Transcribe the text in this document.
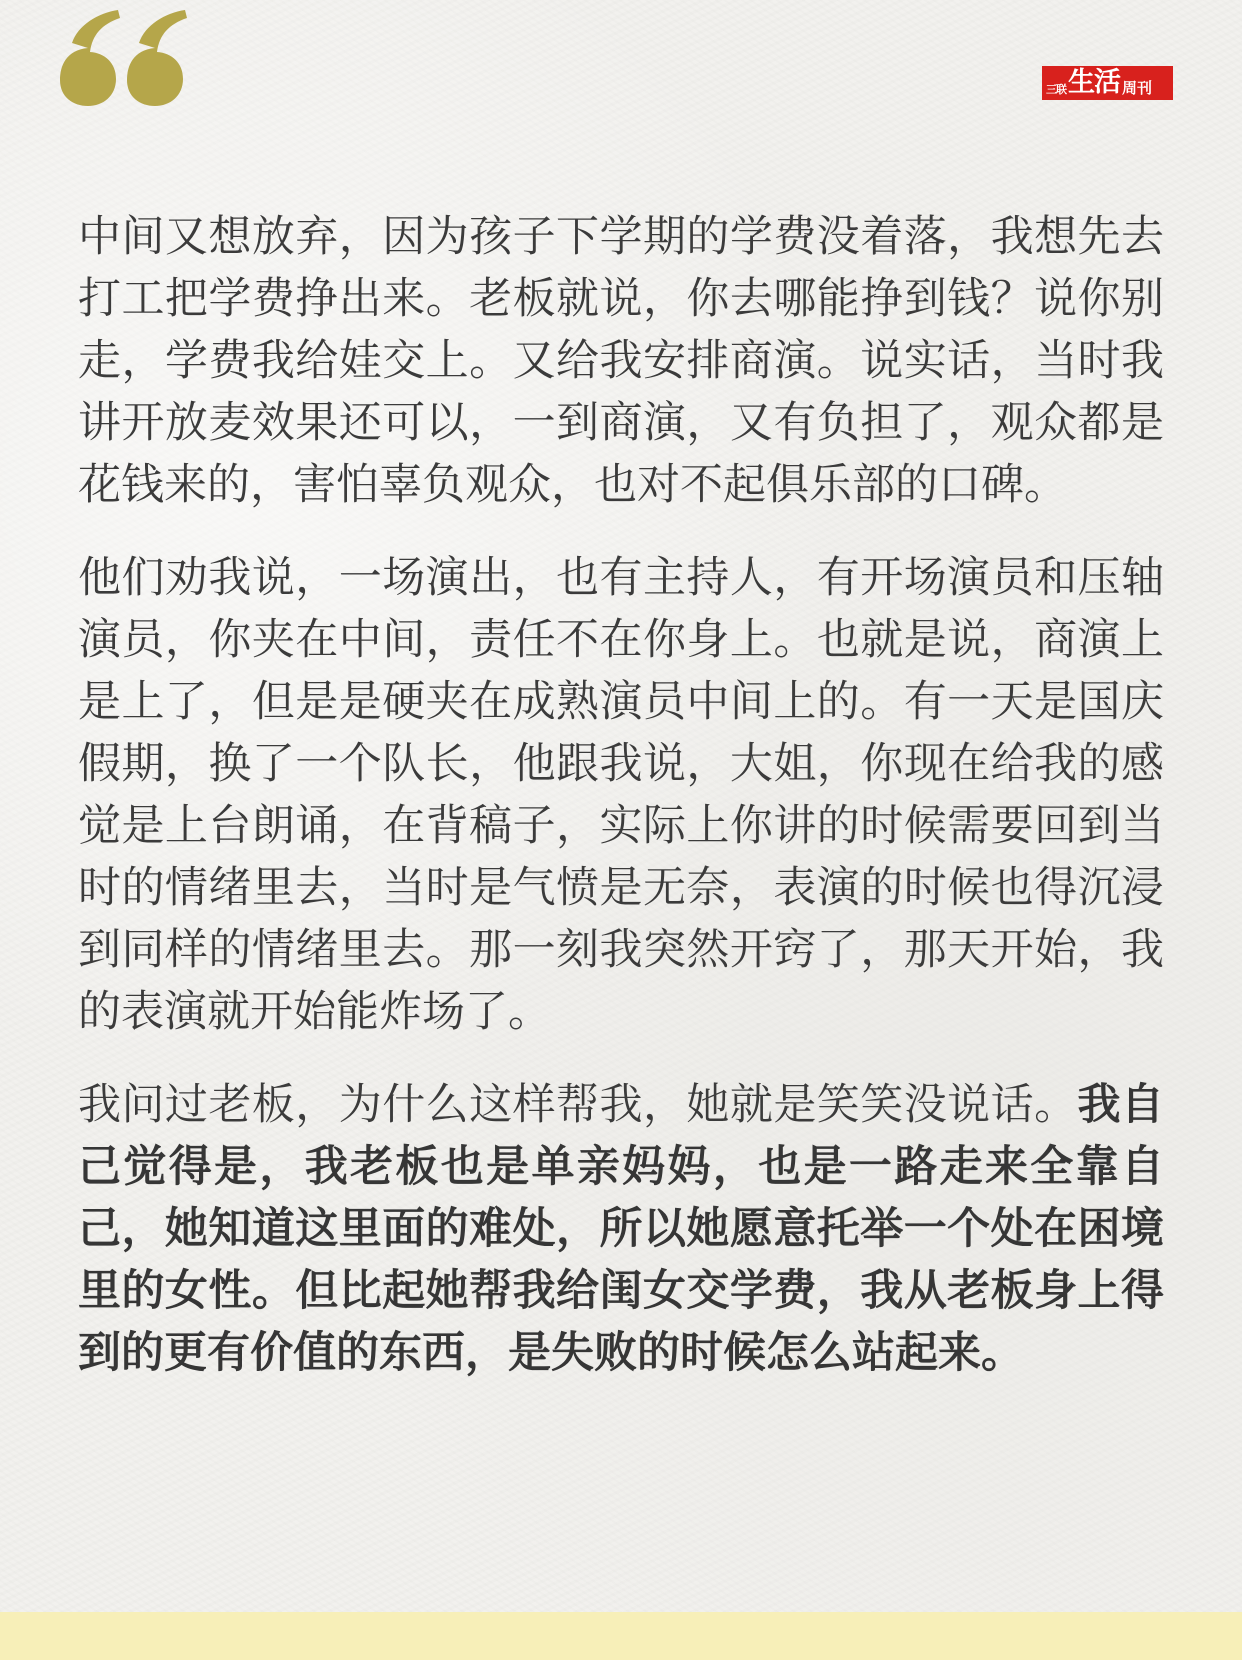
三联 生活 周刊

中间又想放弃，因为孩子下学期的学费没着落，我想先去打工把学费挣出来。老板就说，你去哪能挣到钱？说你别走，学费我给娃交上。又给我安排商演。说实话，当时我讲开放麦效果还可以，一到商演，又有负担了，观众都是花钱来的，害怕辜负观众，也对不起俱乐部的口碑。

他们劝我说，一场演出，也有主持人，有开场演员和压轴演员，你夹在中间，责任不在你身上。也就是说，商演上是上了，但是是硬夹在成熟演员中间上的。有一天是国庆假期，换了一个队长，他跟我说，大姐，你现在给我的感觉是上台朗诵，在背稿子，实际上你讲的时候需要回到当时的情绪里去，当时是气愤是无奈，表演的时候也得沉浸到同样的情绪里去。那一刻我突然开窍了，那天开始，我的表演就开始能炸场了。

我问过老板，为什么这样帮我，她就是笑笑没说话。我自己觉得是，我老板也是单亲妈妈，也是一路走来全靠自己，她知道这里面的难处，所以她愿意托举一个处在困境里的女性。但比起她帮我给闺女交学费，我从老板身上得到的更有价值的东西，是失败的时候怎么站起来。
